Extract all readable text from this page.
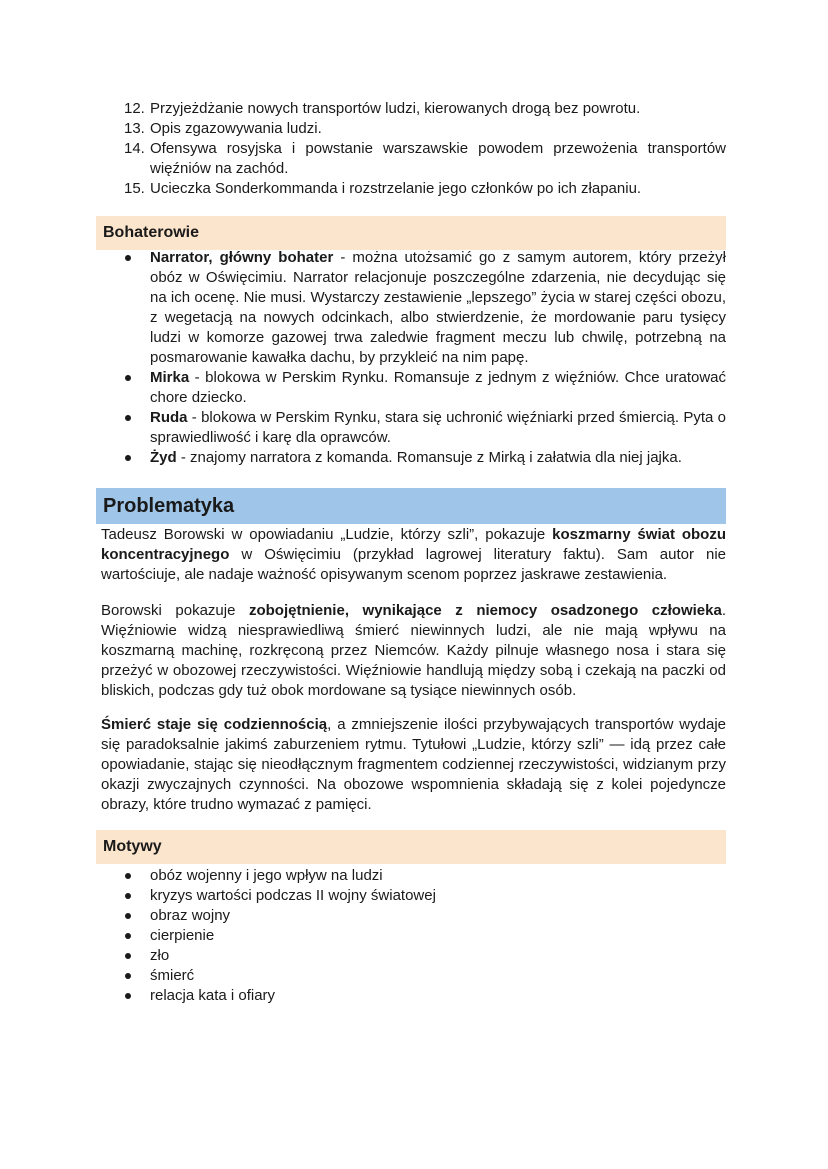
12. Przyjeżdżanie nowych transportów ludzi, kierowanych drogą bez powrotu.
13. Opis zgazowywania ludzi.
14. Ofensywa rosyjska i powstanie warszawskie powodem przewożenia transportów więźniów na zachód.
15. Ucieczka Sonderkommanda i rozstrzelanie jego członków po ich złapaniu.
Bohaterowie
Narrator, główny bohater - można utożsamić go z samym autorem, który przeżył obóz w Oświęcimiu. Narrator relacjonuje poszczególne zdarzenia, nie decydując się na ich ocenę. Nie musi. Wystarczy zestawienie „lepszego” życia w starej części obozu, z wegetacją na nowych odcinkach, albo stwierdzenie, że mordowanie paru tysięcy ludzi w komorze gazowej trwa zaledwie fragment meczu lub chwilę, potrzebną na posmarowanie kawałka dachu, by przykleić na nim papę.
Mirka - blokowa w Perskim Rynku. Romansuje z jednym z więźniów. Chce uratować chore dziecko.
Ruda - blokowa w Perskim Rynku, stara się uchronić więźniarki przed śmiercią. Pyta o sprawiedliwość i karę dla oprawców.
Żyd - znajomy narratora z komanda. Romansuje z Mirką i załatwia dla niej jajka.
Problematyka

Tadeusz Borowski w opowiadaniu „Ludzie, którzy szli”, pokazuje koszmarny świat obozu koncentracyjnego w Oświęcimiu (przykład lagrowej literatury faktu). Sam autor nie wartościuje, ale nadaje ważność opisywanym scenom poprzez jaskrawe zestawienia.

Borowski pokazuje zobojętnienie, wynikające z niemocy osadzonego człowieka. Więźniowie widzą niesprawiedliwą śmierć niewinnych ludzi, ale nie mają wpływu na koszmarną machinę, rozkręconą przez Niemców. Każdy pilnuje własnego nosa i stara się przeżyć w obozowej rzeczywistości. Więźniowie handlują między sobą i czekają na paczki od bliskich, podczas gdy tuż obok mordowane są tysiące niewinnych osób.

Śmierć staje się codziennością, a zmniejszenie ilości przybywających transportów wydaje się paradoksalnie jakimś zaburzeniem rytmu. Tytułowi „Ludzie, którzy szli” — idą przez całe opowiadanie, stając się nieodłącznym fragmentem codziennej rzeczywistości, widzianym przy okazji zwyczajnych czynności. Na obozowe wspomnienia składają się z kolei pojedyncze obrazy, które trudno wymazać z pamięci.

Motywy
obóz wojenny i jego wpływ na ludzi
kryzys wartości podczas II wojny światowej
obraz wojny
cierpienie
zło
śmierć
relacja kata i ofiary
